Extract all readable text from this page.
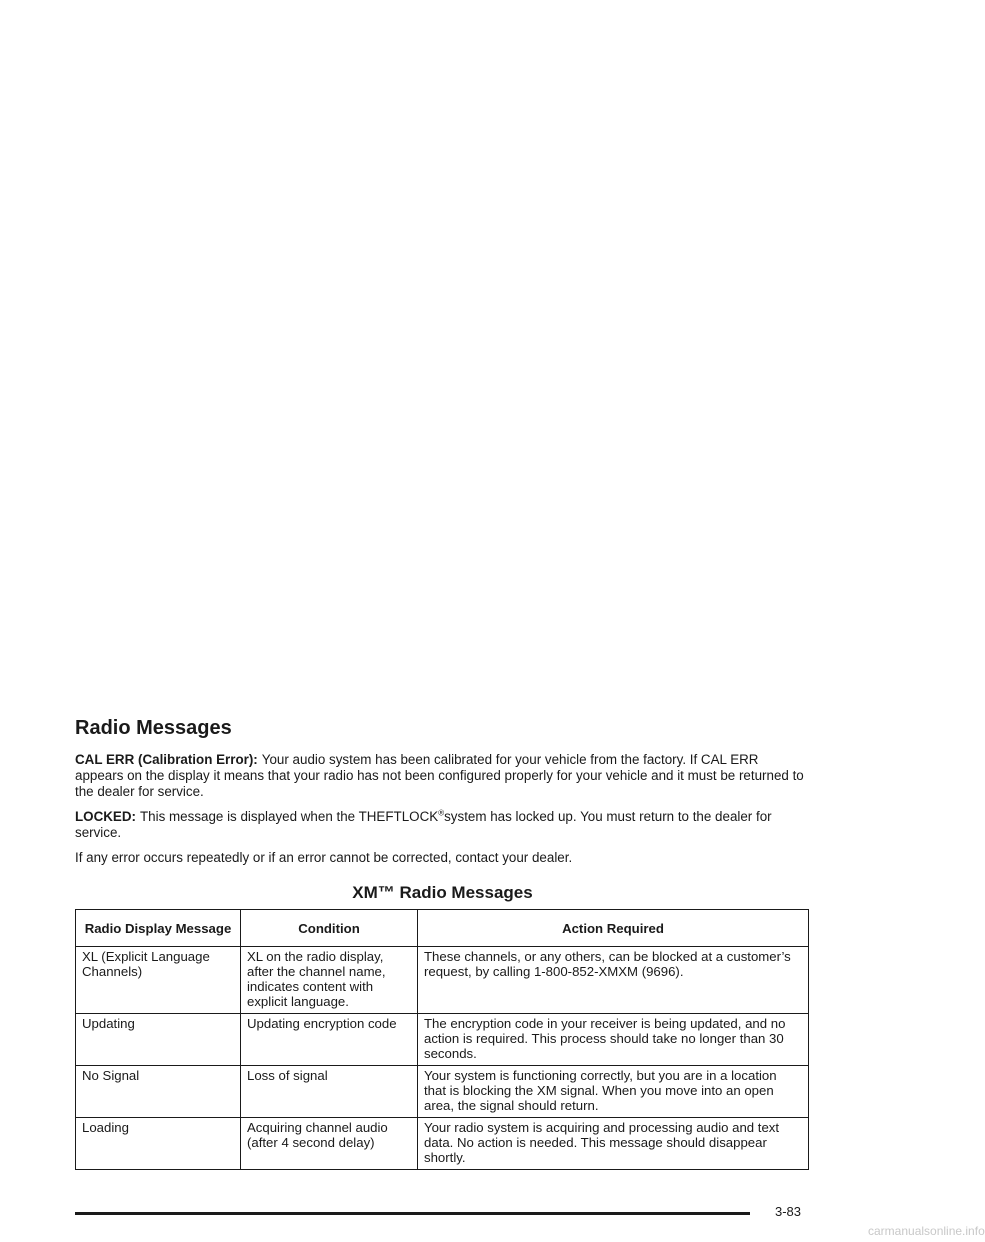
Radio Messages

CAL ERR (Calibration Error): Your audio system has been calibrated for your vehicle from the factory. If CAL ERR appears on the display it means that your radio has not been configured properly for your vehicle and it must be returned to the dealer for service.

LOCKED: This message is displayed when the THEFTLOCK®system has locked up. You must return to the dealer for service.

If any error occurs repeatedly or if an error cannot be corrected, contact your dealer.

XM™ Radio Messages
Radio Display Message	Condition	Action Required
XL (Explicit Language Channels)	XL on the radio display, after the channel name, indicates content with explicit language.	These channels, or any others, can be blocked at a customer’s request, by calling 1-800-852-XMXM (9696).
Updating	Updating encryption code	The encryption code in your receiver is being updated, and no action is required. This process should take no longer than 30 seconds.
No Signal	Loss of signal	Your system is functioning correctly, but you are in a location that is blocking the XM signal. When you move into an open area, the signal should return.
Loading	Acquiring channel audio (after 4 second delay)	Your radio system is acquiring and processing audio and text data. No action is needed. This message should disappear shortly.
3-83
carmanualsonline.info
